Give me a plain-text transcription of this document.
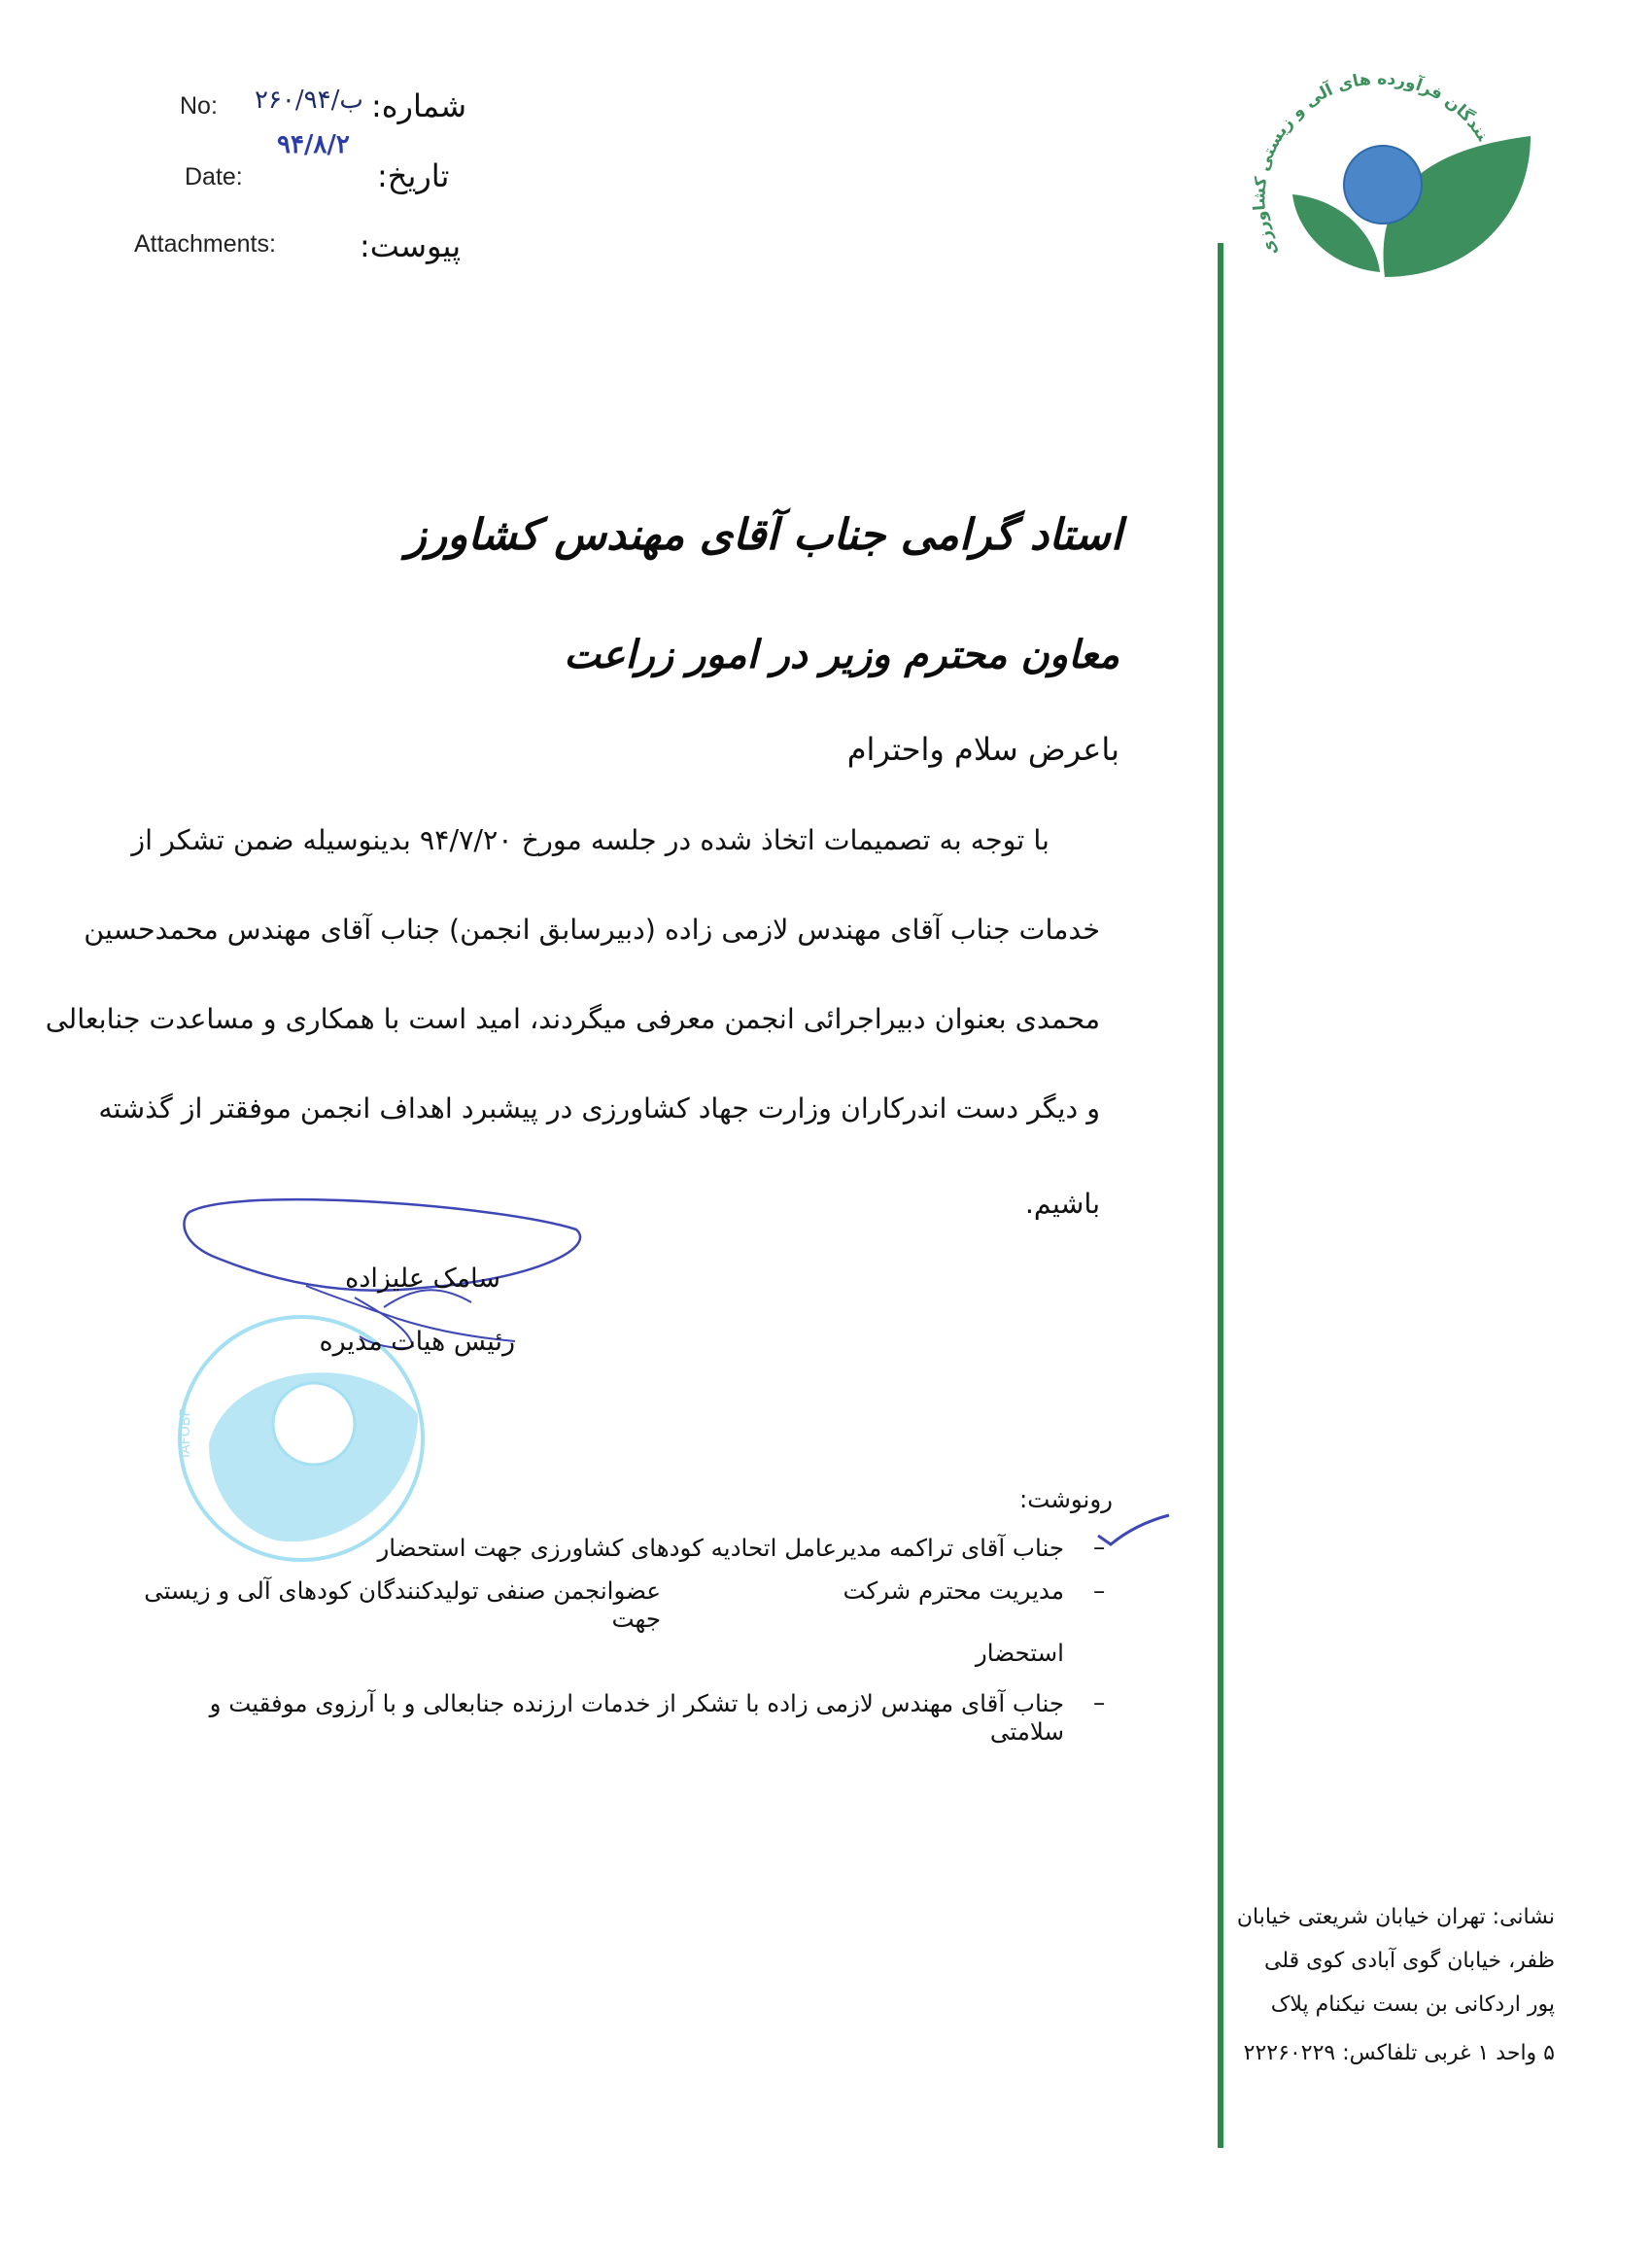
No: ۲۶۰/ب/۹۴ شماره:
۹۴/۸/۲
Date:	تاریخ:
Attachments:	پیوست:
نندگان فرآورده های آلی و زیستی کشاورزی
استاد گرامی جناب آقای مهندس کشاورز
معاون محترم وزیر در امور زراعت
باعرض سلام واحترام
با توجه به تصمیمات اتخاذ شده در جلسه مورخ ۹۴/۷/۲۰ بدینوسیله ضمن تشکر از
خدمات جناب آقای مهندس لازمی زاده (دبیرسابق انجمن) جناب آقای مهندس محمدحسین
محمدی بعنوان دبیراجرائی انجمن معرفی میگردند، امید است با همکاری و مساعدت جنابعالی
و دیگر دست اندرکاران وزارت جهاد کشاورزی در پیشبرد اهداف انجمن موفقتر از گذشته
باشیم.
IAFOBP
سامک علیزاده
رئیس هیات مدیره
رونوشت:
–
جناب آقای تراکمه مدیرعامل اتحادیه کودهای کشاورزی جهت استحضار
–
مدیریت محترم شرکت
عضوانجمن صنفی تولیدکنندگان کودهای آلی و زیستی جهت
استحضار
–
جناب آقای مهندس لازمی زاده با تشکر از خدمات ارزنده جنابعالی و با آرزوی موفقیت و سلامتی
نشانی: تهران خیابان شریعتی خیابان
ظفر، خیابان گوی آبادی کوی قلی
پور اردکانی بن بست نیکنام پلاک
۵ واحد ۱ غربی تلفاکس: ۲۲۲۶۰۲۲۹
